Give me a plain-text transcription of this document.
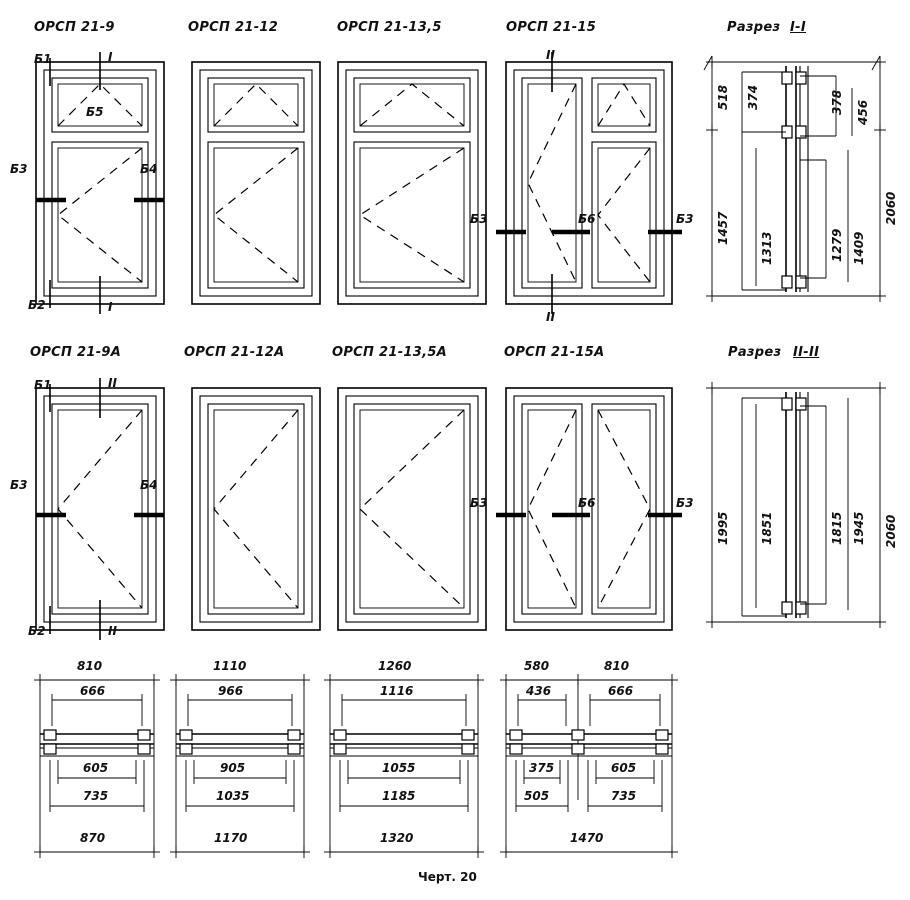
ОРСП 21-9	ОРСП 21-12	ОРСП 21-13,5	ОРСП 21-15	Разрез I-I
ОРСП 21-9А	ОРСП 21-12А	ОРСП 21-13,5А	ОРСП 21-15А	Разрез II-II
Б1	I
Б5
Б3	Б4
Б2	I
II
II
Б3	Б6	Б3
Б1	II
Б3	Б4
Б2	II
Б3	Б6	Б3
518 374
1457
1313
378 456
1279 1409
2060
1995	1851	1815 1945 2060
810
666
605
735
870
1110
966
905
1035
1170
1260
1116
1055
1185
1320
580	810
436	666
375	605
505	735
1470
Черт. 20
